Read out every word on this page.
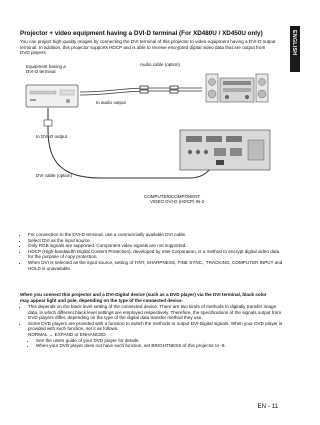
ENGLISH
Projector + video equipment having a DVI-D terminal (For XD480U / XD450U only)
You can project high-quality images by connecting the DVI terminal of this projector to video equipment having a DVI-D output terminal. In addition, this projector supports HDCP and is able to receive encrypted digital video data that are output from DVD players.
Equipment having a
DVI-D terminal
Audio cable (option)
to audio output
to DVI-D output
DVI cable (option)
COMPUTER/COMPONENT
VIDEO DVI-D (HDCP) IN-2
• For connection to the DVI-D terminal, use a commercially available DVI cable.
• Select DVI as the input source.
• Only RGB signals are supported. Component video signals are not supported.
• HDCP (High-bandwidth Digital Content Protection), developed by Intel Corporation, is a method to encrypt digital video data for the purpose of copy protection.
• When DVI is selected as the input source, setting of TINT, SHARPNESS, FINE SYNC., TRACKING, COMPUTER INPUT and HOLD is unavailable.
When you connect this projector and a DVI-Digital device (such as a DVD player) via the DVI terminal, black color may appear light and pale, depending on the type of the connected device.
• This depends on the black level setting of the connected device. There are two kinds of methods to digitally transfer image data, in which different black level settings are employed respectively. Therefore, the specifications of the signals output from DVD players differ, depending on the type of the digital data transfer method they use.
• Some DVD players are provided with a function to switch the methods to output DVI-Digital signals. When your DVD player is provided with such function, set it as follows.
NORMAL → EXPAND or ENHANCED
• See the users guide of your DVD player for details.
• When your DVD player does not have such function, set BRIGHTNESS of this projector to -8.
EN - 11
